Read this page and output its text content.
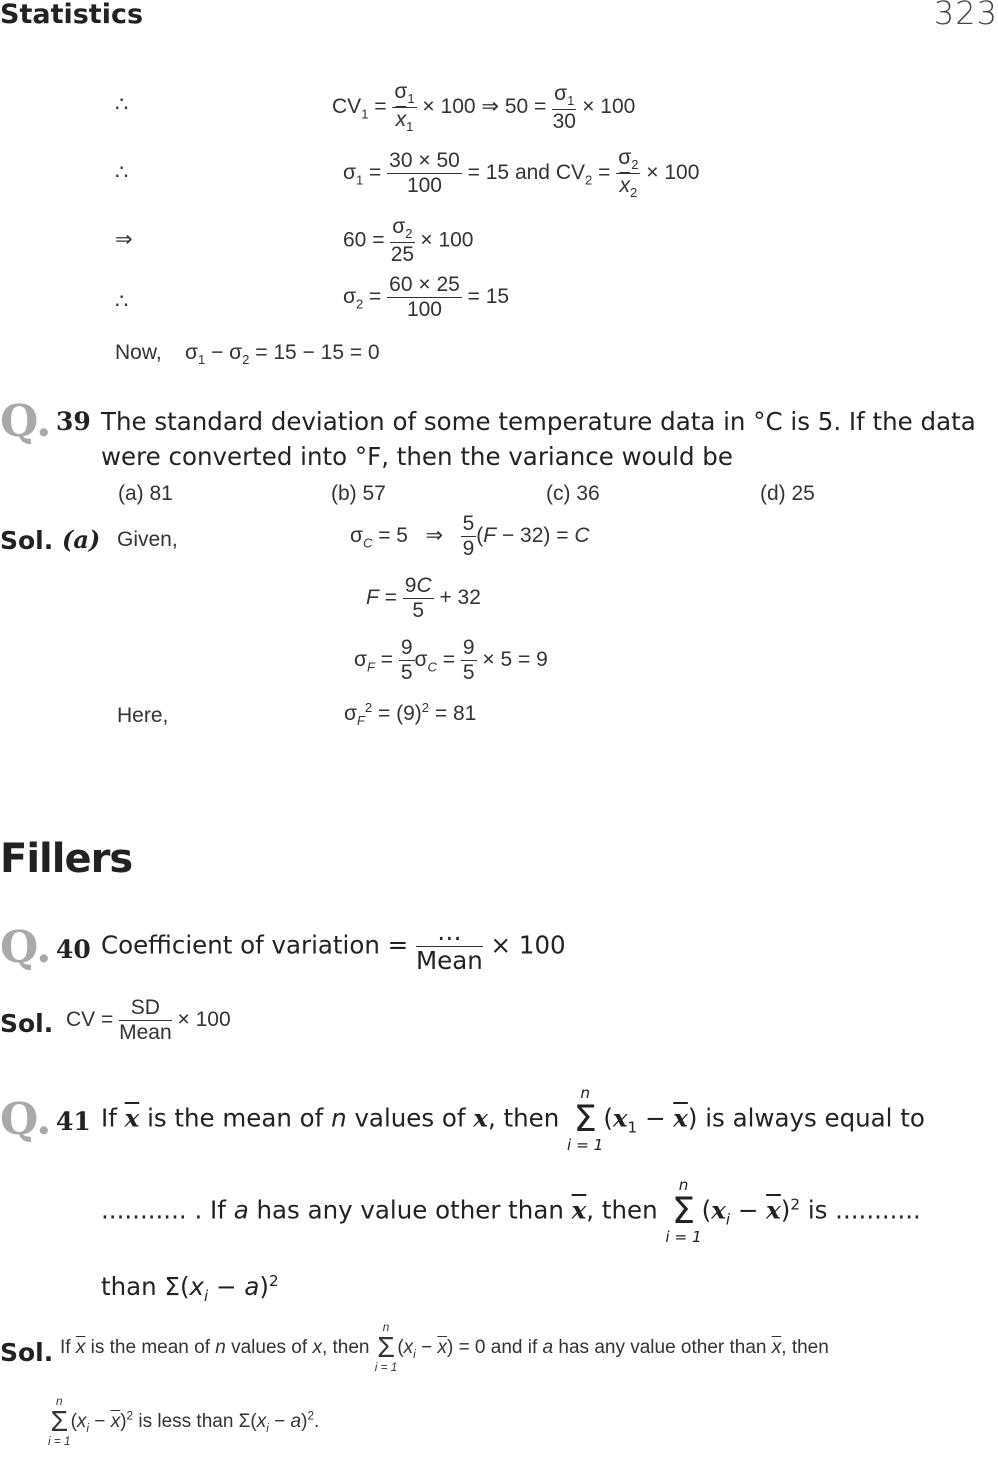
Statistics	323
∴	$CV_1 = \frac{\sigma_1}{\overline{x}_1} \times 100$ ⇒ $50 = \frac{\sigma_1}{30} \times 100$
∴	$\sigma_1 = \frac{30 \times 50}{100} = 15$ and $CV_2 = \frac{\sigma_2}{\overline{x}_2} \times 100$
⇒	$60 = \frac{\sigma_2}{25} \times 100$
∴	$\sigma_2 = \frac{60 \times 25}{100} = 15$
Now,    $\sigma_1 - \sigma_2 = 15 - 15 = 0$
Q. 39 The standard deviation of some temperature data in °C is 5. If the data
were converted into °F, then the variance would be
(a) 81	(b) 57	(c) 36	(d) 25
Sol. (a) Given,	$\sigma_C = 5$   ⇒ $\frac{5}{9} (F - 32) = C$
$F = \frac{9C}{5} + 32$
$\sigma_F = \frac{9}{5} \sigma_C = \frac{9}{5} \times 5 = 9$
Here,	$\sigma_F^2 = (9)^2 = 81$
Fillers
Q. 40 Coefficient of variation = $\frac{\dots}{\text{Mean}} \times 100$
Sol. CV = $\frac{SD}{\text{Mean}} \times 100$
Q. 41 If $\overline{x}$ is the mean of n values of x, then
n
Σ
i = 1
$(x_1 - \overline{x})$ is always equal to
........... . If a has any value other than $\overline{x}$, then
n
Σ
i = 1
$(x_i - \overline{x})^2$ is ...........
than $\Sigma(x_i - a)^2$
Sol. If $\overline{x}$ is the mean of n values of x, then
n
Σ
i = 1
$(x_i - \overline{x}) = 0$ and if a has any value other than $\overline{x}$, then
n
Σ
i = 1
$(x_i - \overline{x})^2$ is less than $\Sigma(x_i - a)^2$.
